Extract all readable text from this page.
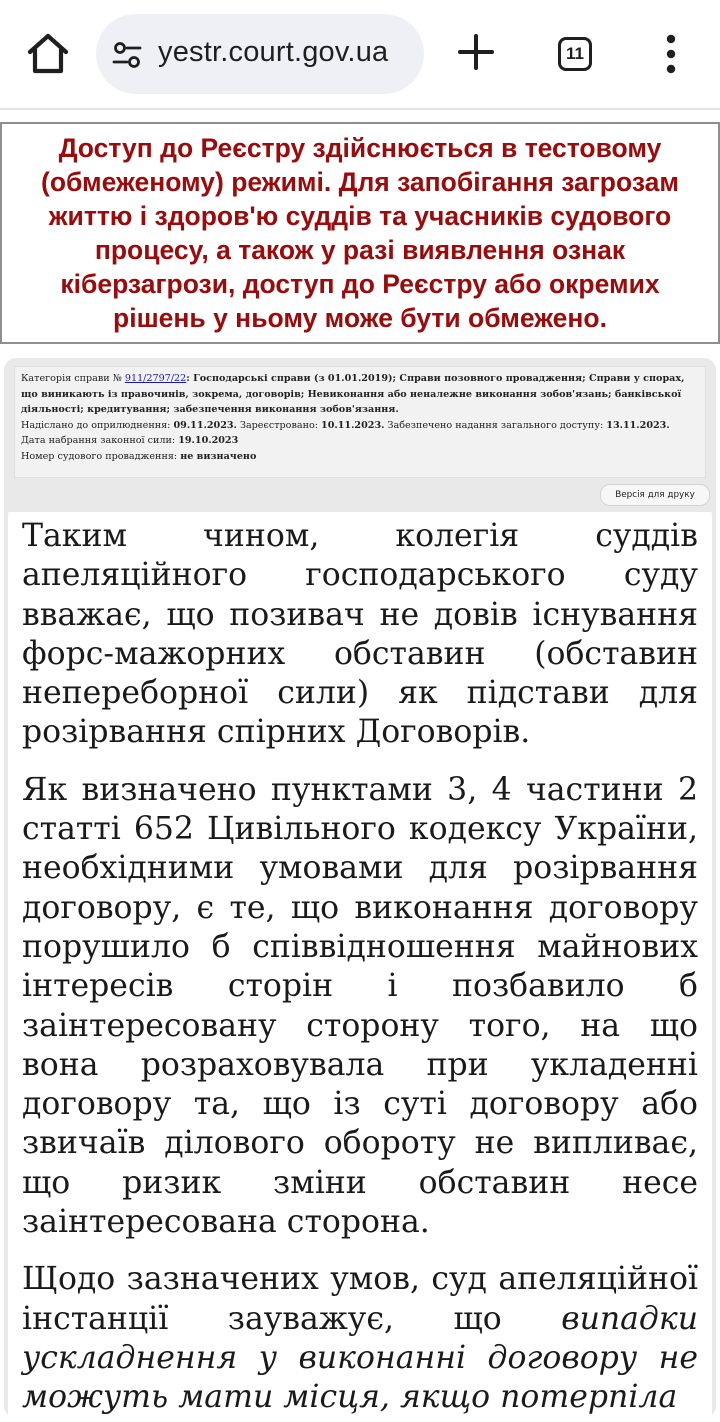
yestr.court.gov.ua	11

Доступ до Реєстру здійснюється в тестовому (обмеженому) режимі. Для запобігання загрозам життю і здоров'ю суддів та учасників судового процесу, а також у разі виявлення ознак кіберзагрози, доступ до Реєстру або окремих рішень у ньому може бути обмежено.

Категорія справи № 911/2797/22: Господарські справи (з 01.01.2019); Справи позовного провадження; Справи у спорах, що виникають із правочинів, зокрема, договорів; Невиконання або неналежне виконання зобов'язань; банківської діяльності; кредитування; забезпечення виконання зобов'язання.
Надіслано до оприлюднення: 09.11.2023. Зареєстровано: 10.11.2023. Забезпечено надання загального доступу: 13.11.2023.
Дата набрання законної сили: 19.10.2023
Номер судового провадження: не визначено
Версія для друку

Таким чином, колегія суддів апеляційного господарського суду вважає, що позивач не довів існування форс-мажорних обставин (обставин непереборної сили) як підстави для розірвання спірних Договорів.

Як визначено пунктами 3, 4 частини 2 статті 652 Цивільного кодексу України, необхідними умовами для розірвання договору, є те, що виконання договору порушило б співвідношення майнових інтересів сторін і позбавило б заінтересовану сторону того, на що вона розраховувала при укладенні договору та, що із суті договору або звичаїв ділового обороту не випливає, що ризик зміни обставин несе заінтересована сторона.

Щодо зазначених умов, суд апеляційної інстанції зауважує, що випадки ускладнення у виконанні договору не можуть мати місця, якщо потерпіла
